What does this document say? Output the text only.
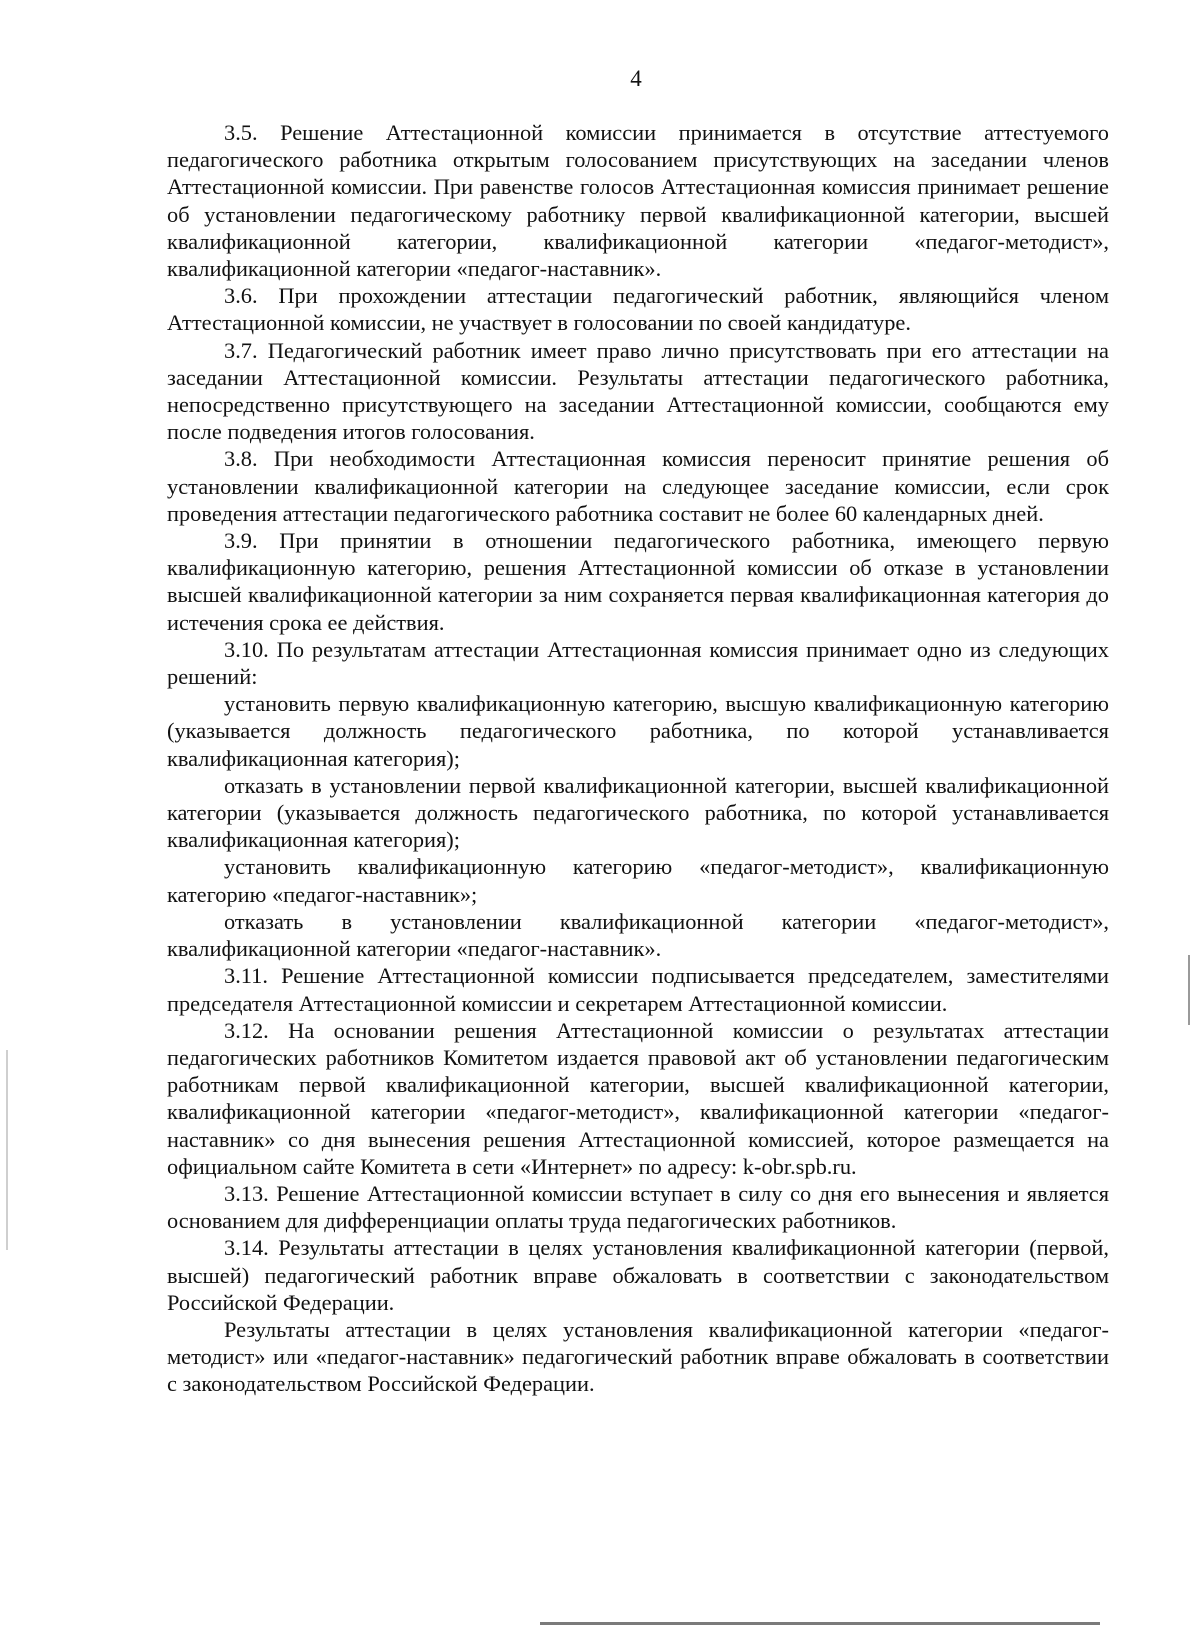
4

3.5. Решение Аттестационной комиссии принимается в отсутствие аттестуемого педагогического работника открытым голосованием присутствующих на заседании членов Аттестационной комиссии. При равенстве голосов Аттестационная комиссия принимает решение об установлении педагогическому работнику первой квалификационной категории, высшей квалификационной категории, квалификационной категории «педагог-методист», квалификационной категории «педагог-наставник».

3.6. При прохождении аттестации педагогический работник, являющийся членом Аттестационной комиссии, не участвует в голосовании по своей кандидатуре.

3.7. Педагогический работник имеет право лично присутствовать при его аттестации на заседании Аттестационной комиссии. Результаты аттестации педагогического работника, непосредственно присутствующего на заседании Аттестационной комиссии, сообщаются ему после подведения итогов голосования.

3.8. При необходимости Аттестационная комиссия переносит принятие решения об установлении квалификационной категории на следующее заседание комиссии, если срок проведения аттестации педагогического работника составит не более 60 календарных дней.

3.9. При принятии в отношении педагогического работника, имеющего первую квалификационную категорию, решения Аттестационной комиссии об отказе в установлении высшей квалификационной категории за ним сохраняется первая квалификационная категория до истечения срока ее действия.

3.10. По результатам аттестации Аттестационная комиссия принимает одно из следующих решений:

установить первую квалификационную категорию, высшую квалификационную категорию (указывается должность педагогического работника, по которой устанавливается квалификационная категория);

отказать в установлении первой квалификационной категории, высшей квалификационной категории (указывается должность педагогического работника, по которой устанавливается квалификационная категория);

установить квалификационную категорию «педагог-методист», квалификационную категорию «педагог-наставник»;

отказать в установлении квалификационной категории «педагог-методист», квалификационной категории «педагог-наставник».

3.11. Решение Аттестационной комиссии подписывается председателем, заместителями председателя Аттестационной комиссии и секретарем Аттестационной комиссии.

3.12. На основании решения Аттестационной комиссии о результатах аттестации педагогических работников Комитетом издается правовой акт об установлении педагогическим работникам первой квалификационной категории, высшей квалификационной категории, квалификационной категории «педагог-методист», квалификационной категории «педагог-наставник» со дня вынесения решения Аттестационной комиссией, которое размещается на официальном сайте Комитета в сети «Интернет» по адресу: k-obr.spb.ru.

3.13. Решение Аттестационной комиссии вступает в силу со дня его вынесения и является основанием для дифференциации оплаты труда педагогических работников.

3.14. Результаты аттестации в целях установления квалификационной категории (первой, высшей) педагогический работник вправе обжаловать в соответствии с законодательством Российской Федерации.

Результаты аттестации в целях установления квалификационной категории «педагог-методист» или «педагог-наставник» педагогический работник вправе обжаловать в соответствии с законодательством Российской Федерации.
